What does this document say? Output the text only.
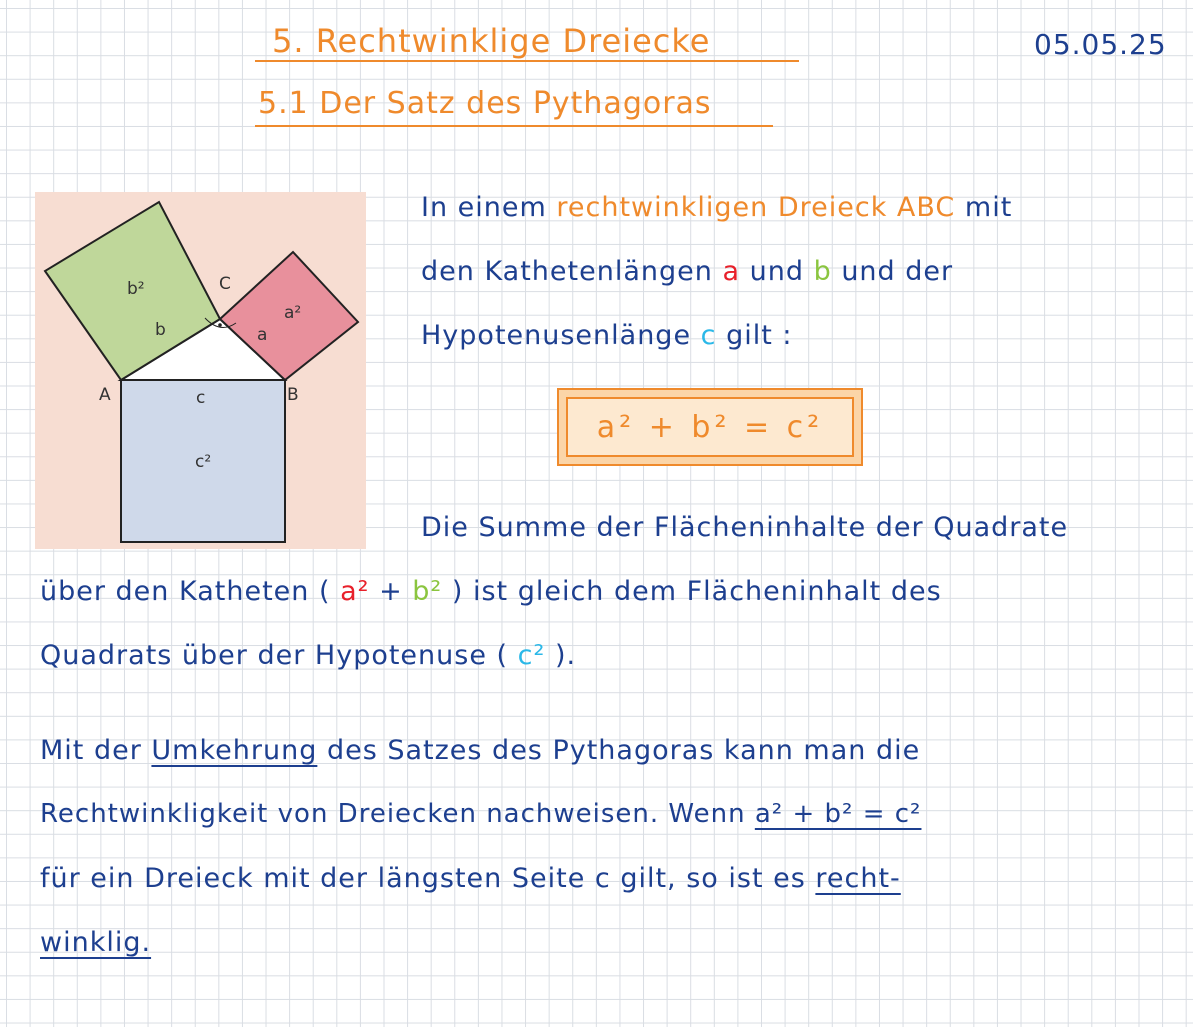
5. Rechtwinklige Dreiecke
5.1 Der Satz des Pythagoras
05.05.25
b²
a²
c²
A	B
C
a
b
c
In einem rechtwinkligen Dreieck ABC mit
den Kathetenlängen a und b und der
Hypotenusenlänge c gilt :
a² + b² = c²
Die Summe der Flächeninhalte der Quadrate
über den Katheten ( a² + b² ) ist gleich dem Flächeninhalt des
Quadrats über der Hypotenuse ( c² ).
Mit der Umkehrung des Satzes des Pythagoras kann man die
Rechtwinkligkeit von Dreiecken nachweisen. Wenn a² + b² = c²
für ein Dreieck mit der längsten Seite c gilt, so ist es recht-
winklig.
